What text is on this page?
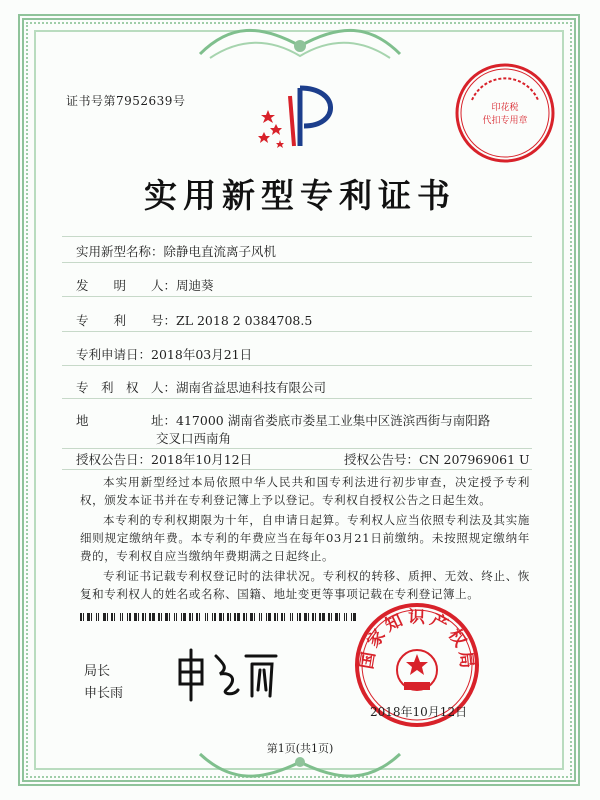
证书号第7952639号	印花税
代扣专用章
实用新型专利证书
实用新型名称：除静电直流离子风机
发　　明　　人：周迪葵
专　　利　　号：ZL 2018 2 0384708.5
专利申请日：2018年03月21日
专　利　权　人：湖南省益思迪科技有限公司
地　　　　　址：417000 湖南省娄底市娄星工业集中区涟滨西街与南阳路
交叉口西南角
授权公告日：2018年10月12日	授权公告号：CN 207969061 U
本实用新型经过本局依照中华人民共和国专利法进行初步审查，决定授予专利权，颁发本证书并在专利登记簿上予以登记。专利权自授权公告之日起生效。
本专利的专利权期限为十年，自申请日起算。专利权人应当依照专利法及其实施细则规定缴纳年费。本专利的年费应当在每年03月21日前缴纳。未按照规定缴纳年费的，专利权自应当缴纳年费期满之日起终止。
专利证书记载专利权登记时的法律状况。专利权的转移、质押、无效、终止、恢复和专利权人的姓名或名称、国籍、地址变更等事项记载在专利登记簿上。
局长
申长雨
国家知识产权局
2018年10月12日
第1页(共1页)
